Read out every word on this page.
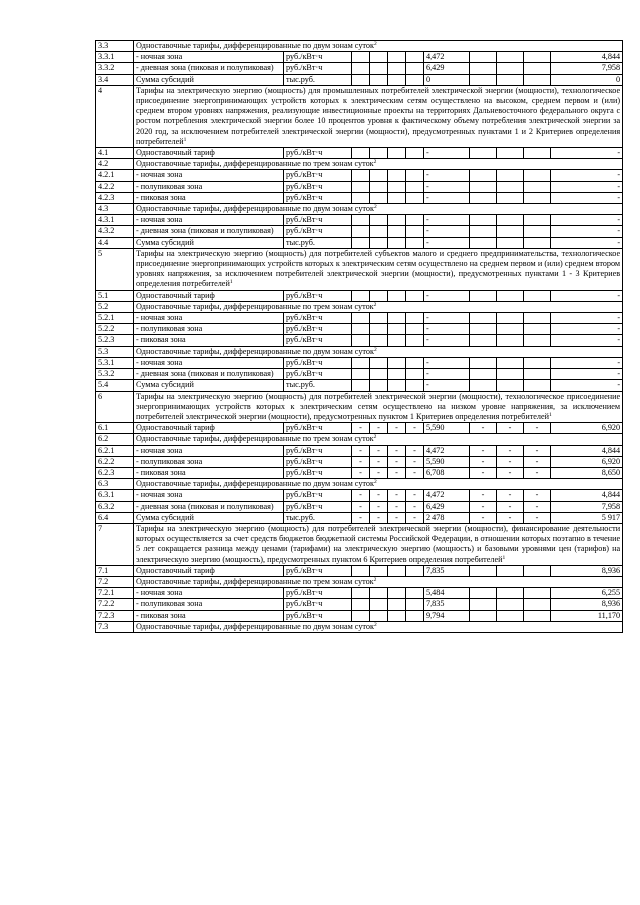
3.3	Одноставочные тарифы, дифференцированные по двум зонам суток$^2$
3.3.1	- ночная зона	руб./кВт·ч					4,472				4,844
3.3.2	- дневная зона (пиковая и полупиковая)	руб./кВт·ч					6,429				7,958
3.4	Сумма субсидий	тыс.руб.					0				0
4	Тарифы на электрическую энергию (мощность) для промышленных потребителей электрической энергии (мощности), технологическое присоединение энергопринимающих устройств которых к электрическим сетям осуществлено на высоком, среднем первом и (или) среднем втором уровнях напряжения, реализующие инвестиционные проекты на территориях Дальневосточного федерального округа с ростом потребления электрической энергии более 10 процентов уровня к фактическому объему потребления электрической энергии за 2020 год, за исключением потребителей электрической энергии (мощности), предусмотренных пунктами 1 и 2 Критериев определения потребителей$^1$
4.1	Одноставочный тариф	руб./кВт·ч					-				-
4.2	Одноставочные тарифы, дифференцированные по трем зонам суток$^2$
4.2.1	- ночная зона	руб./кВт·ч					-				-
4.2.2	- полупиковая зона	руб./кВт·ч					-				-
4.2.3	- пиковая зона	руб./кВт·ч					-				-
4.3	Одноставочные тарифы, дифференцированные по двум зонам суток$^2$
4.3.1	- ночная зона	руб./кВт·ч					-				-
4.3.2	- дневная зона (пиковая и полупиковая)	руб./кВт·ч					-				-
4.4	Сумма субсидий	тыс.руб.					-				-
5	Тарифы на электрическую энергию (мощность) для потребителей субъектов малого и среднего предпринимательства, технологическое присоединение энергопринимающих устройств которых к электрическим сетям осуществлено на среднем первом и (или) среднем втором уровнях напряжения, за исключением потребителей электрической энергии (мощности), предусмотренных пунктами 1 - 3 Критериев определения потребителей$^1$
5.1	Одноставочный тариф	руб./кВт·ч					-				-
5.2	Одноставочные тарифы, дифференцированные по трем зонам суток$^2$
5.2.1	- ночная зона	руб./кВт·ч					-				-
5.2.2	- полупиковая зона	руб./кВт·ч					-				-
5.2.3	- пиковая зона	руб./кВт·ч					-				-
5.3	Одноставочные тарифы, дифференцированные по двум зонам суток$^2$
5.3.1	- ночная зона	руб./кВт·ч					-				-
5.3.2	- дневная зона (пиковая и полупиковая)	руб./кВт·ч					-				-
5.4	Сумма субсидий	тыс.руб.					-				-
6	Тарифы на электрическую энергию (мощность) для потребителей электрической энергии (мощности), технологическое присоединение энергопринимающих устройств которых к электрическим сетям осуществлено на низком уровне напряжения, за исключением потребителей электрической энергии (мощности), предусмотренных пунктом 1 Критериев определения потребителей$^1$
6.1	Одноставочный тариф	руб./кВт·ч	-	-	-	-	5,590	-	-	-	6,920
6.2	Одноставочные тарифы, дифференцированные по трем зонам суток$^2$
6.2.1	- ночная зона	руб./кВт·ч	-	-	-	-	4,472	-	-	-	4,844
6.2.2	- полупиковая зона	руб./кВт·ч	-	-	-	-	5,590	-	-	-	6,920
6.2.3	- пиковая зона	руб./кВт·ч	-	-	-	-	6,708	-	-	-	8,650
6.3	Одноставочные тарифы, дифференцированные по двум зонам суток$^2$
6.3.1	- ночная зона	руб./кВт·ч	-	-	-	-	4,472	-	-	-	4,844
6.3.2	- дневная зона (пиковая и полупиковая)	руб./кВт·ч	-	-	-	-	6,429	-	-	-	7,958
6.4	Сумма субсидий	тыс.руб.	-	-	-	-	2 478	-	-	-	5 917
7	Тарифы на электрическую энергию (мощность) для потребителей электрической энергии (мощности), финансирование деятельности которых осуществляется за счет средств бюджетов бюджетной системы Российской Федерации, в отношении которых поэтапно в течение 5 лет сокращается разница между ценами (тарифами) на электрическую энергию (мощность) и базовыми уровнями цен (тарифов) на электрическую энергию (мощность), предусмотренных пунктом 6 Критериев определения потребителей$^1$
7.1	Одноставочный тариф	руб./кВт·ч					7,835				8,936
7.2	Одноставочные тарифы, дифференцированные по трем зонам суток$^2$
7.2.1	- ночная зона	руб./кВт·ч					5,484				6,255
7.2.2	- полупиковая зона	руб./кВт·ч					7,835				8,936
7.2.3	- пиковая зона	руб./кВт·ч					9,794				11,170
7.3	Одноставочные тарифы, дифференцированные по двум зонам суток$^2$
